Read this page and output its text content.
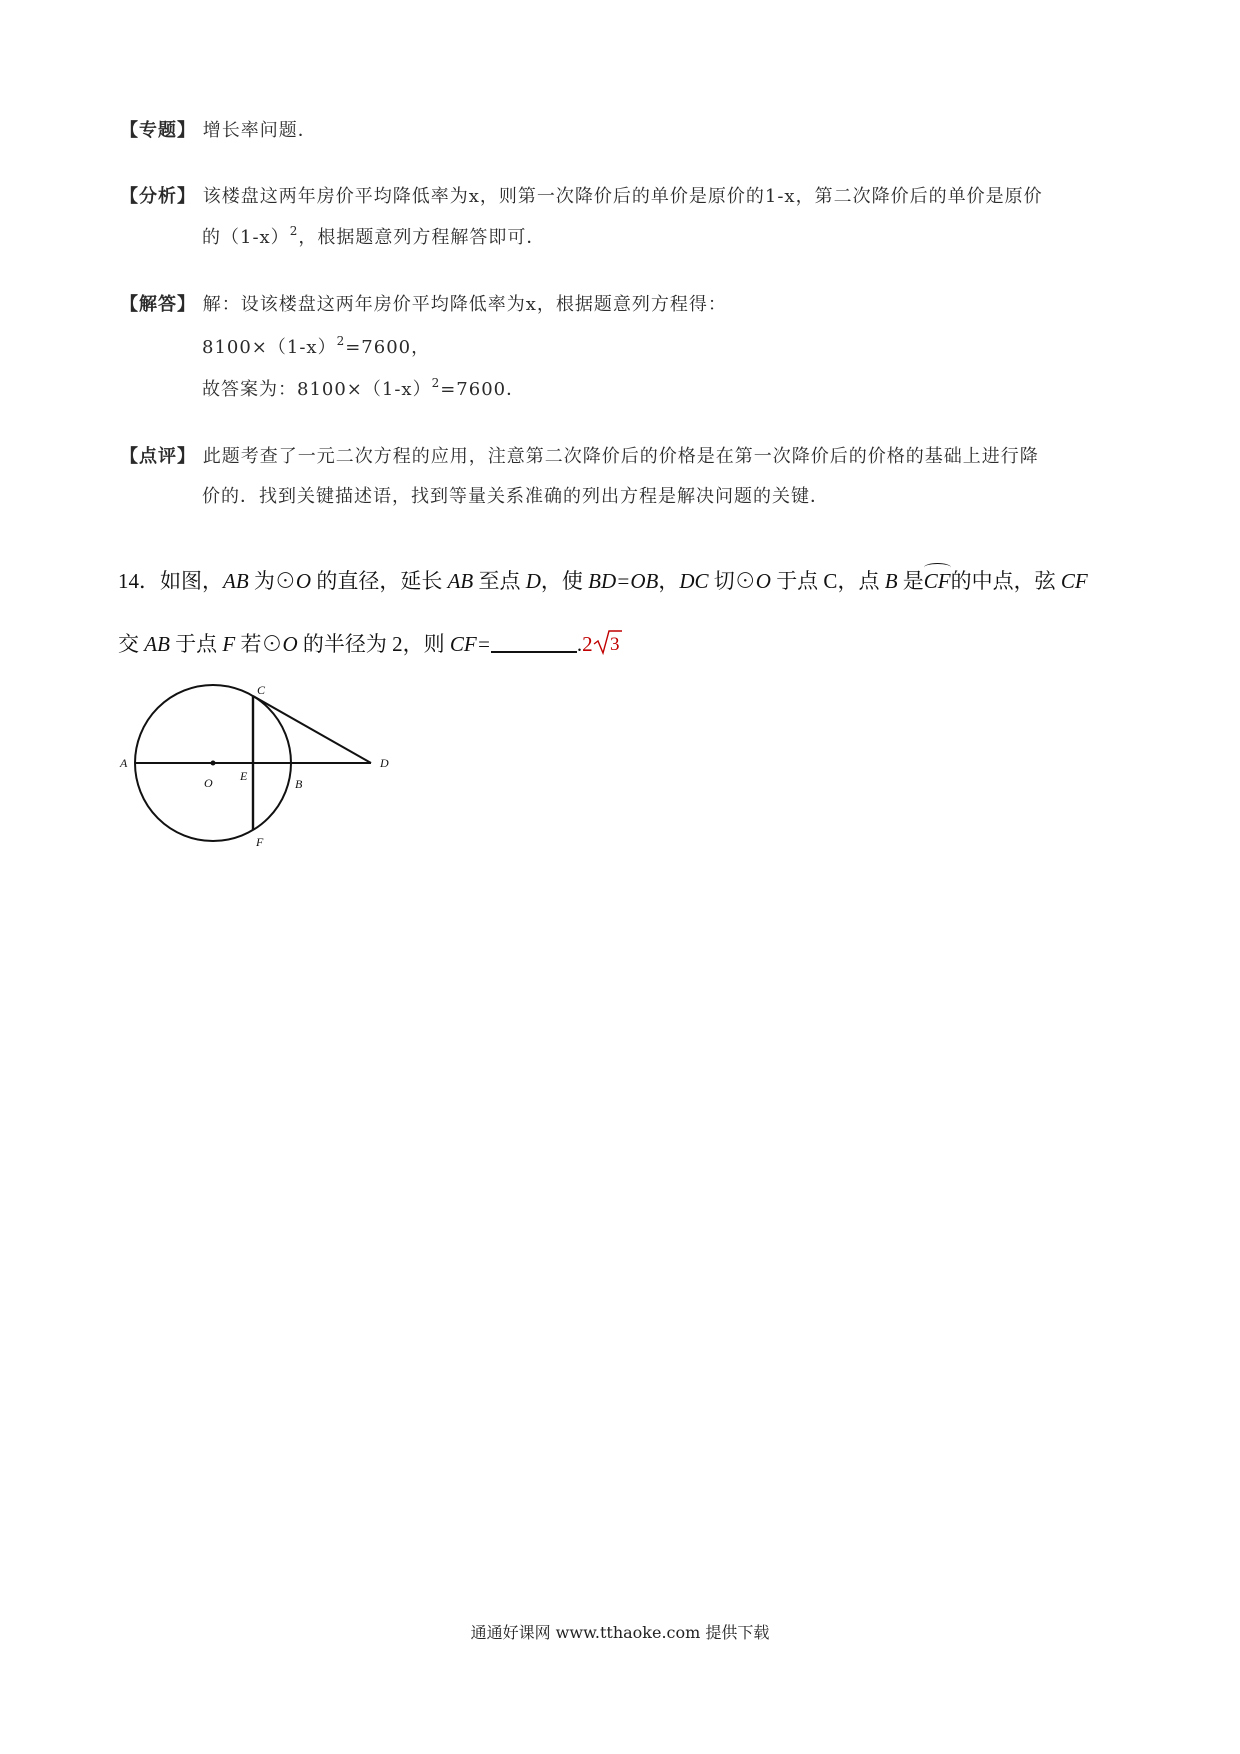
【专题】 增长率问题．
【分析】 该楼盘这两年房价平均降低率为x，则第一次降价后的单价是原价的1-x，第二次降价后的单价是原价
的$(1-x)^2$，根据题意列方程解答即可．
【解答】 解：设该楼盘这两年房价平均降低率为x，根据题意列方程得：
$8100\times(1-x)^2=7600$，
故答案为：$8100\times(1-x)^2=7600$．
【点评】 此题考查了一元二次方程的应用，注意第二次降价后的价格是在第一次降价后的价格的基础上进行降
价的．找到关键描述语，找到等量关系准确的列出方程是解决问题的关键．
14．如图，AB 为⊙O 的直径，延长 AB 至点 D，使 BD=OB，DC 切⊙O 于点 C，点 B 是CF的中点，弦 CF
交 AB 于点 F 若⊙O 的半径为 2，则 CF=	.2 3
A
O E
B
C
D
F
通通好课网 www.tthaoke.com 提供下载
